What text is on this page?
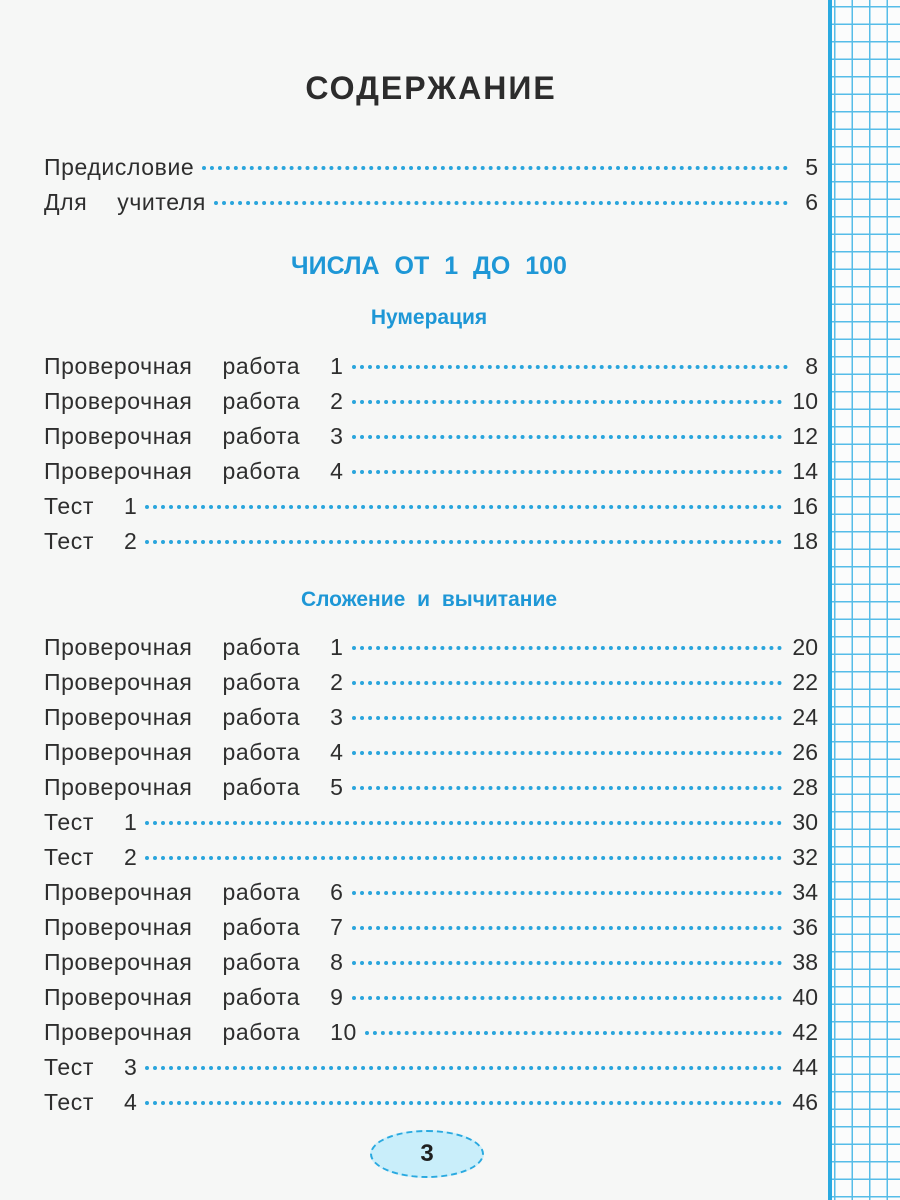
СОДЕРЖАНИЕ
Предисловие	5
Для  учителя	6
ЧИСЛА ОТ 1 ДО 100
Нумерация
Проверочная  работа  1	8
Проверочная  работа  2	10
Проверочная  работа  3	12
Проверочная  работа  4	14
Тест  1	16
Тест  2	18
Сложение и вычитание
Проверочная  работа  1	20
Проверочная  работа  2	22
Проверочная  работа  3	24
Проверочная  работа  4	26
Проверочная  работа  5	28
Тест  1	30
Тест  2	32
Проверочная  работа  6	34
Проверочная  работа  7	36
Проверочная  работа  8	38
Проверочная  работа  9	40
Проверочная  работа  10	42
Тест  3	44
Тест  4	46
3
